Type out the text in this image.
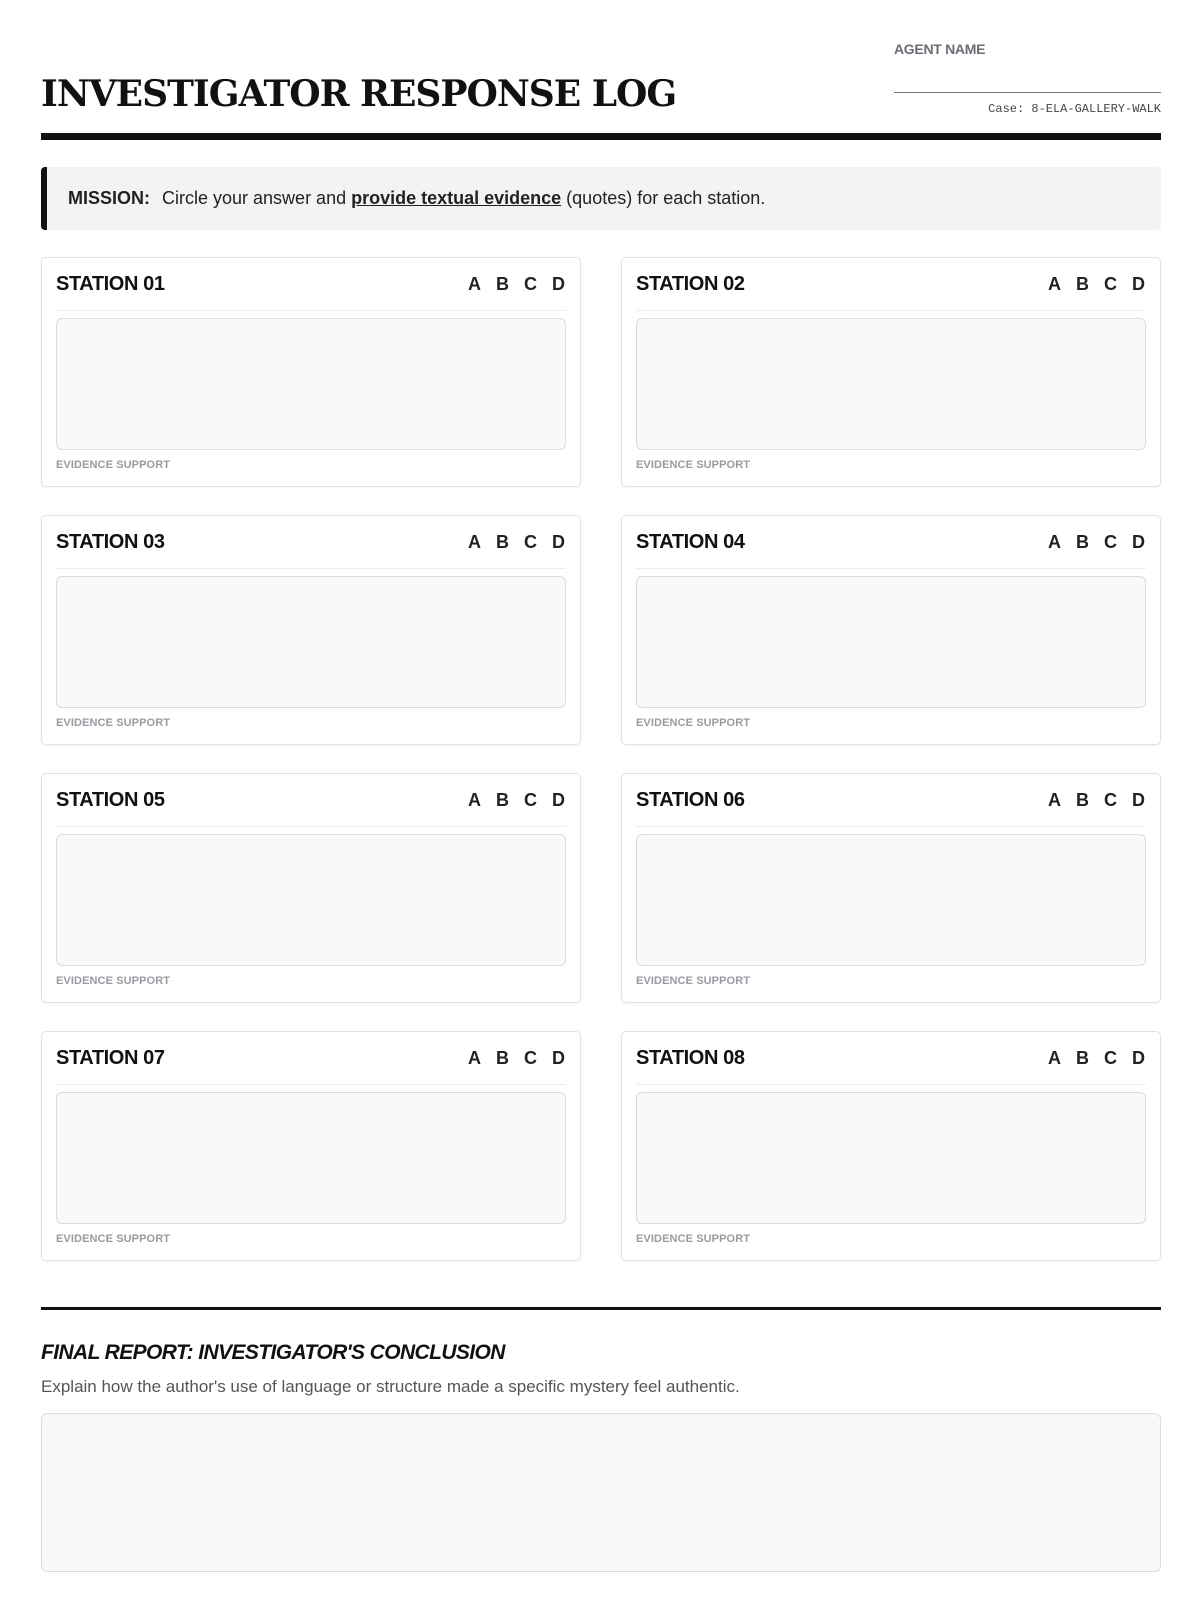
INVESTIGATOR RESPONSE LOG
AGENT NAME
Case: 8-ELA-GALLERY-WALK
MISSION: Circle your answer and provide textual evidence (quotes) for each station.
STATION 01	A B C D
EVIDENCE SUPPORT
STATION 02	A B C D
EVIDENCE SUPPORT
STATION 03	A B C D
EVIDENCE SUPPORT
STATION 04	A B C D
EVIDENCE SUPPORT
STATION 05	A B C D
EVIDENCE SUPPORT
STATION 06	A B C D
EVIDENCE SUPPORT
STATION 07	A B C D
EVIDENCE SUPPORT
STATION 08	A B C D
EVIDENCE SUPPORT
FINAL REPORT: INVESTIGATOR'S CONCLUSION
Explain how the author's use of language or structure made a specific mystery feel authentic.
